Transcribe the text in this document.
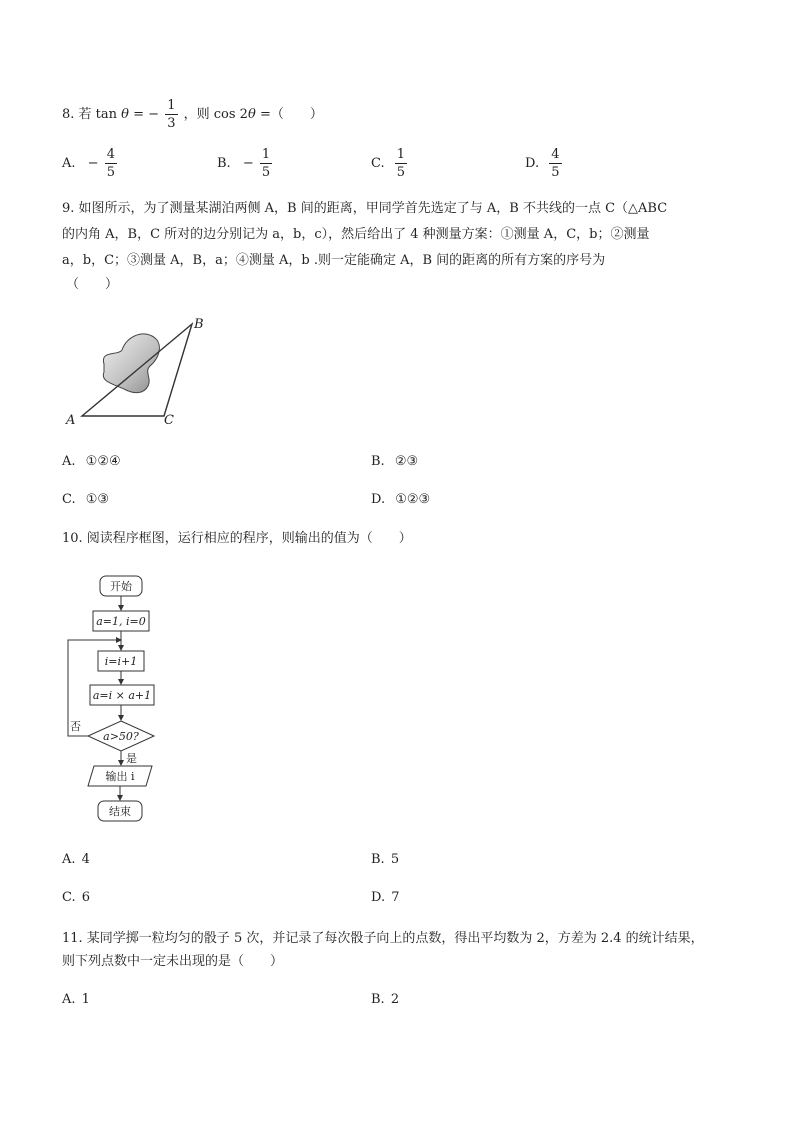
8. 若 tan θ = − $\frac{1}{3}$ ，则 cos 2θ =（　　）
A. − $\frac{4}{5}$	B. − $\frac{1}{5}$	C. $\frac{1}{5}$	D. $\frac{4}{5}$
9. 如图所示，为了测量某湖泊两侧 A，B 间的距离，甲同学首先选定了与 A，B 不共线的一点 C（△ABC
的内角 A，B，C 所对的边分别记为 a，b，c），然后给出了 4 种测量方案：①测量 A，C，b；②测量
a，b，C；③测量 A，B，a；④测量 A，b .则一定能确定 A，B 间的距离的所有方案的序号为
（　　）
A
B
C
A. ①②④	B. ②③
C. ①③	D. ①②③
10. 阅读程序框图，运行相应的程序，则输出的值为（　　）
开始
a=1, i=0
i=i+1
a=i × a+1
a>50?
否
是
输出 i
结束
A. 4	B. 5
C. 6	D. 7
11. 某同学掷一粒均匀的骰子 5 次，并记录了每次骰子向上的点数，得出平均数为 2，方差为 2.4 的统计结果，
则下列点数中一定未出现的是（　　）
A. 1	B. 2
